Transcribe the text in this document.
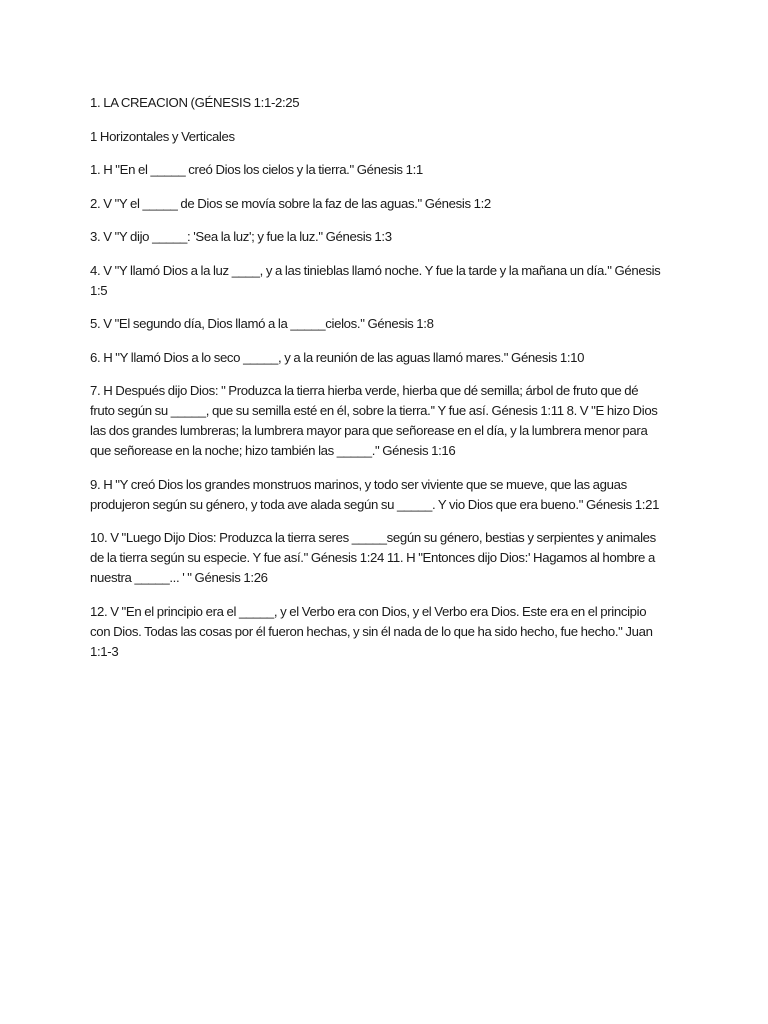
1. LA CREACION (GÉNESIS 1:1-2:25

1 Horizontales y Verticales

1. H "En el _____ creó Dios los cielos y la tierra." Génesis 1:1

2. V "Y el _____ de Dios se movía sobre la faz de las aguas." Génesis 1:2

3. V "Y dijo _____: 'Sea la luz'; y fue la luz." Génesis 1:3

4. V "Y llamó Dios a la luz ____, y a las tinieblas llamó noche. Y fue la tarde y la mañana un día." Génesis
1:5

5. V "El segundo día, Dios llamó a la _____cielos." Génesis 1:8

6. H "Y llamó Dios a lo seco _____, y a la reunión de las aguas llamó mares." Génesis 1:10

7. H Después dijo Dios: " Produzca la tierra hierba verde, hierba que dé semilla; árbol de fruto que dé
fruto según su _____, que su semilla esté en él, sobre la tierra.'' Y fue así. Génesis 1:11 8. V "E hizo Dios
las dos grandes lumbreras; la lumbrera mayor para que señorease en el día, y la lumbrera menor para
que señorease en la noche; hizo también las _____." Génesis 1:16

9. H "Y creó Dios los grandes monstruos marinos, y todo ser viviente que se mueve, que las aguas
produjeron según su género, y toda ave alada según su _____. Y vio Dios que era bueno." Génesis 1:21

10. V "Luego Dijo Dios: Produzca la tierra seres _____según su género, bestias y serpientes y animales
de la tierra según su especie. Y fue así." Génesis 1:24 11. H "Entonces dijo Dios:' Hagamos al hombre a
nuestra _____... ' " Génesis 1:26

12. V "En el principio era el _____, y el Verbo era con Dios, y el Verbo era Dios. Este era en el principio
con Dios. Todas las cosas por él fueron hechas, y sin él nada de lo que ha sido hecho, fue hecho." Juan
1:1-3
